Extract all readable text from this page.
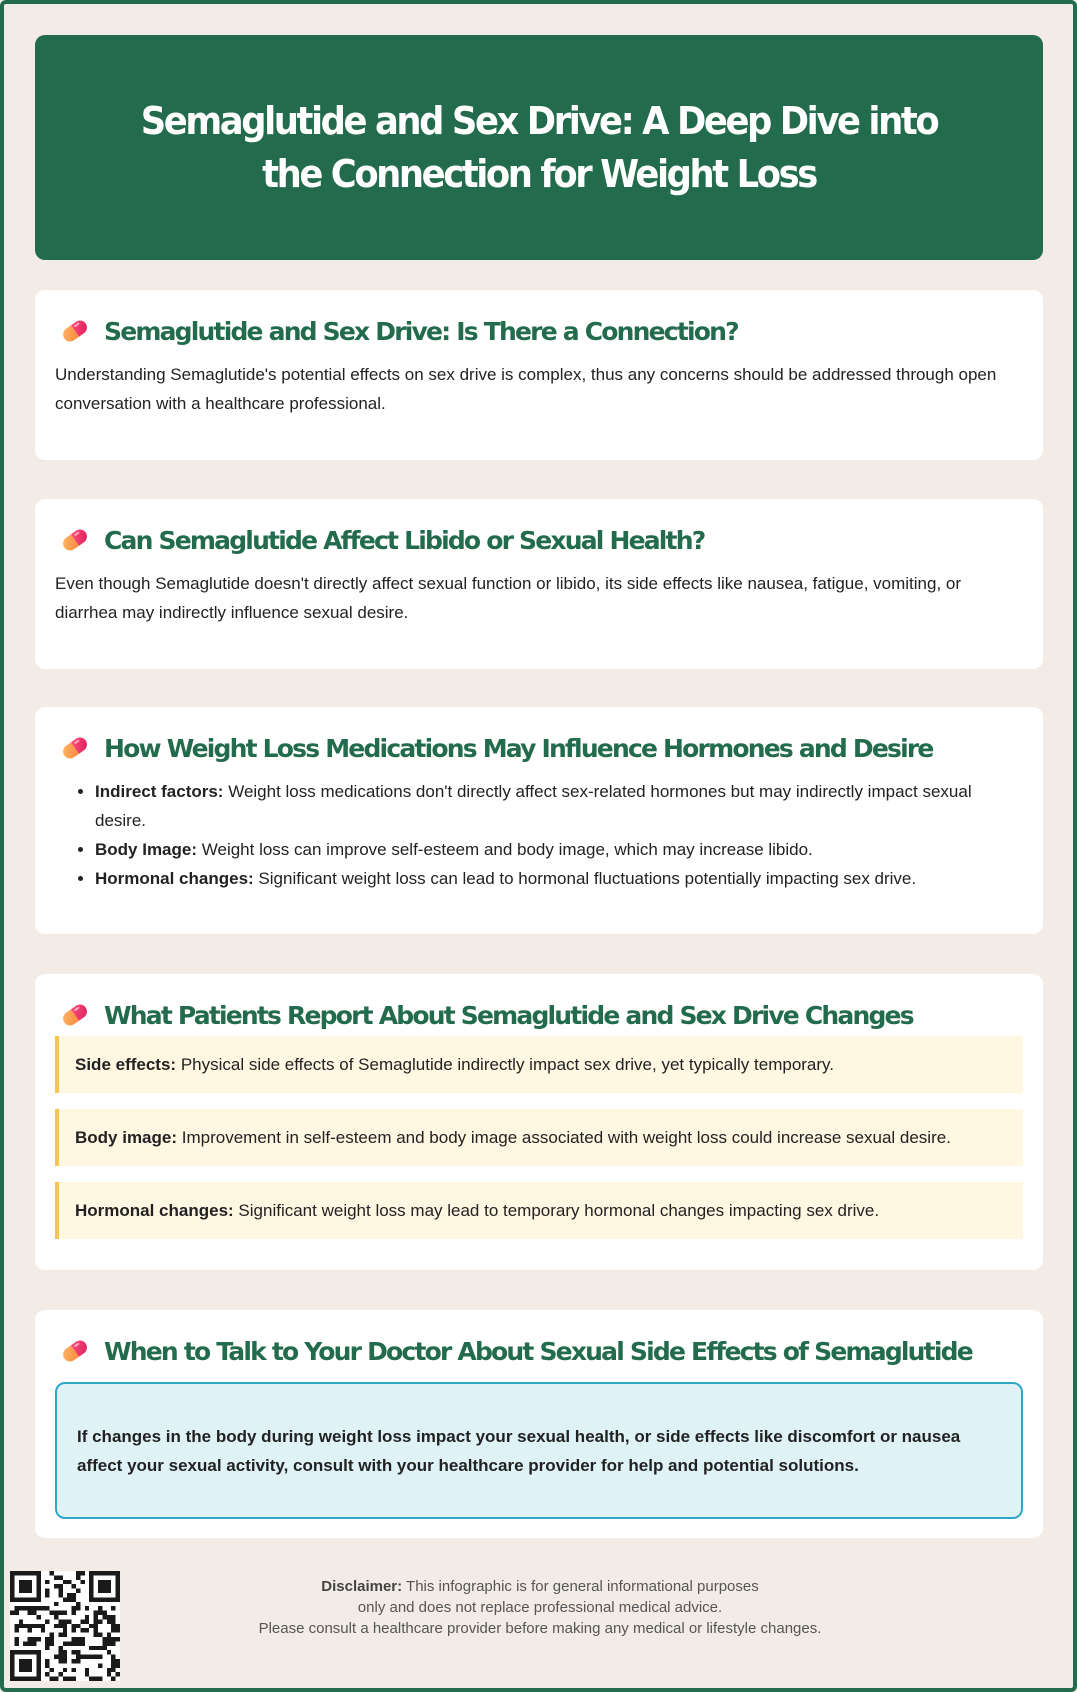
Semaglutide and Sex Drive: A Deep Dive into the Connection for Weight Loss
Semaglutide and Sex Drive: Is There a Connection?

Understanding Semaglutide's potential effects on sex drive is complex, thus any concerns should be addressed through open conversation with a healthcare professional.

Can Semaglutide Affect Libido or Sexual Health?

Even though Semaglutide doesn't directly affect sexual function or libido, its side effects like nausea, fatigue, vomiting, or diarrhea may indirectly influence sexual desire.

How Weight Loss Medications May Influence Hormones and Desire
• Indirect factors: Weight loss medications don't directly affect sex-related hormones but may indirectly impact sexual desire.
• Body Image: Weight loss can improve self-esteem and body image, which may increase libido.
• Hormonal changes: Significant weight loss can lead to hormonal fluctuations potentially impacting sex drive.
What Patients Report About Semaglutide and Sex Drive Changes
Side effects: Physical side effects of Semaglutide indirectly impact sex drive, yet typically temporary.
Body image: Improvement in self-esteem and body image associated with weight loss could increase sexual desire.
Hormonal changes: Significant weight loss may lead to temporary hormonal changes impacting sex drive.
When to Talk to Your Doctor About Sexual Side Effects of Semaglutide
If changes in the body during weight loss impact your sexual health, or side effects like discomfort or nausea affect your sexual activity, consult with your healthcare provider for help and potential solutions.
Disclaimer: This infographic is for general informational purposes
only and does not replace professional medical advice.
Please consult a healthcare provider before making any medical or lifestyle changes.
